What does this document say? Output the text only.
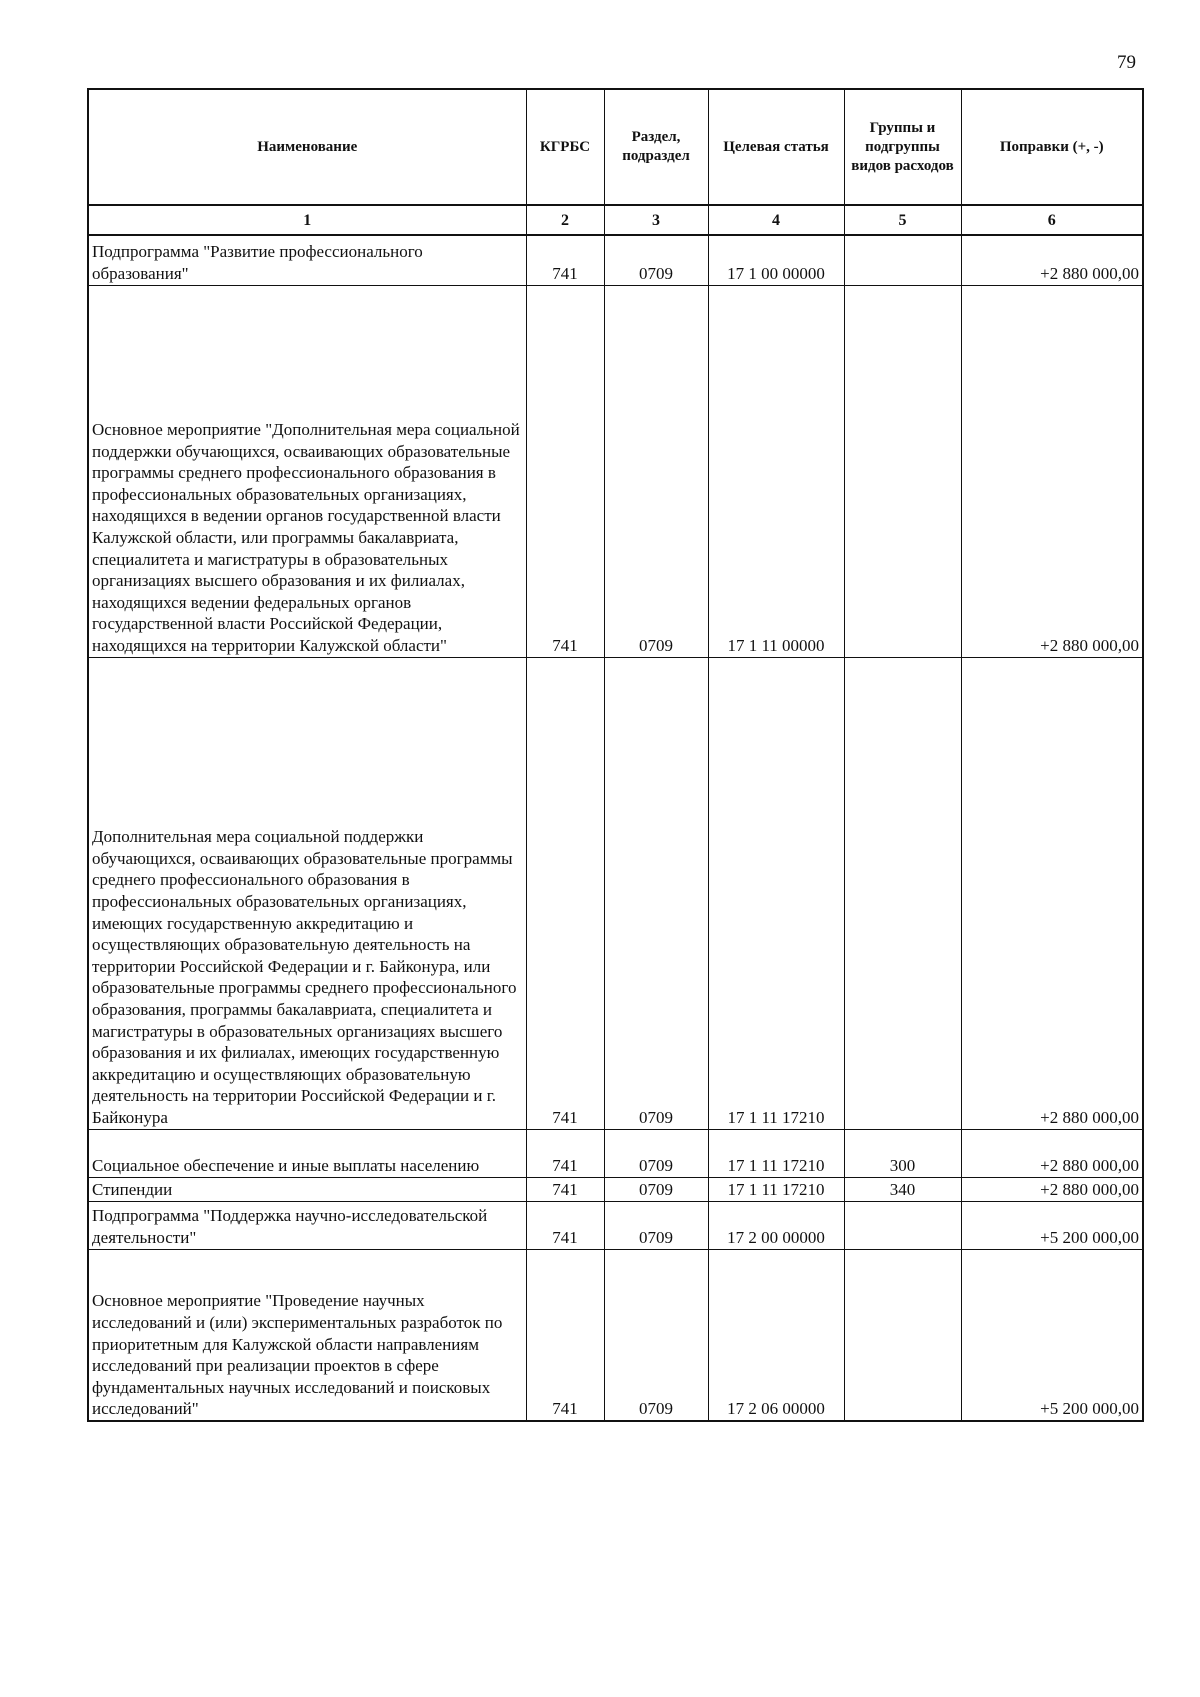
79
Наименование	КГРБС	Раздел, подраздел	Целевая статья	Группы и подгруппы видов расходов	Поправки (+, -)
1	2	3	4	5	6
Подпрограмма "Развитие профессионального образования"	741	0709	17 1 00 00000		+2 880 000,00
Основное мероприятие "Дополнительная мера социальной поддержки обучающихся, осваивающих образовательные программы среднего профессионального образования в профессиональных образовательных организациях, находящихся в ведении органов государственной власти Калужской области, или программы бакалавриата, специалитета и магистратуры в образовательных организациях высшего образования и их филиалах, находящихся ведении федеральных органов государственной власти Российской Федерации, находящихся на территории Калужской области"	741	0709	17 1 11 00000		+2 880 000,00
Дополнительная мера социальной поддержки обучающихся, осваивающих образовательные программы среднего профессионального образования в профессиональных образовательных организациях, имеющих государственную аккредитацию и осуществляющих образовательную деятельность на территории Российской Федерации и г. Байконура, или образовательные программы среднего профессионального образования, программы бакалавриата, специалитета и магистратуры в образовательных организациях высшего образования и их филиалах, имеющих государственную аккредитацию и осуществляющих образовательную деятельность на территории Российской Федерации и г. Байконура	741	0709	17 1 11 17210		+2 880 000,00
Социальное обеспечение и иные выплаты населению	741	0709	17 1 11 17210	300	+2 880 000,00
Стипендии	741	0709	17 1 11 17210	340	+2 880 000,00
Подпрограмма "Поддержка научно-исследовательской деятельности"	741	0709	17 2 00 00000		+5 200 000,00
Основное мероприятие "Проведение научных исследований и (или) экспериментальных разработок по приоритетным для Калужской области направлениям исследований при реализации проектов в сфере фундаментальных научных исследований и поисковых исследований"	741	0709	17 2 06 00000		+5 200 000,00
